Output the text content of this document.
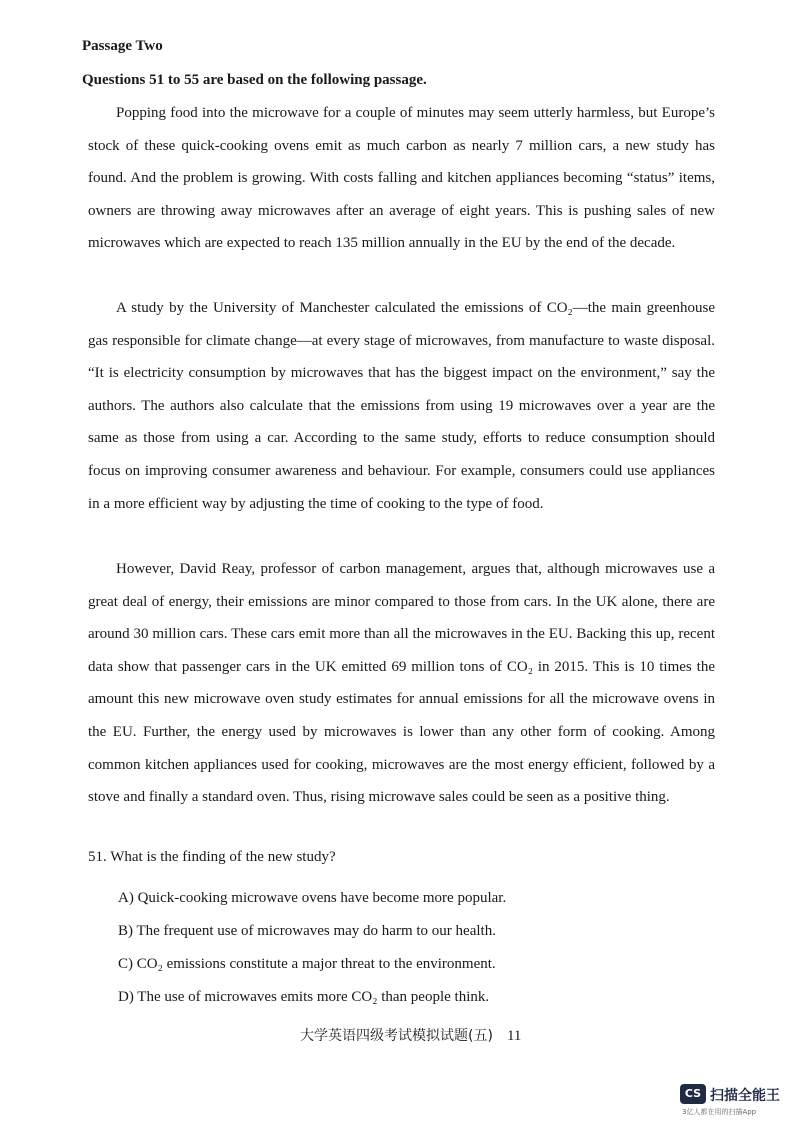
Passage Two
Questions 51 to 55 are based on the following passage.

Popping food into the microwave for a couple of minutes may seem utterly harmless, but Europe’s stock of these quick-cooking ovens emit as much carbon as nearly 7 million cars, a new study has found. And the problem is growing. With costs falling and kitchen appliances becoming “status” items, owners are throwing away microwaves after an average of eight years. This is pushing sales of new microwaves which are expected to reach 135 million annually in the EU by the end of the decade.

A study by the University of Manchester calculated the emissions of CO₂—the main greenhouse gas responsible for climate change—at every stage of microwaves, from manufacture to waste disposal. “It is electricity consumption by microwaves that has the biggest impact on the environment,” say the authors. The authors also calculate that the emissions from using 19 microwaves over a year are the same as those from using a car. According to the same study, efforts to reduce consumption should focus on improving consumer awareness and behaviour. For example, consumers could use appliances in a more efficient way by adjusting the time of cooking to the type of food.

However, David Reay, professor of carbon management, argues that, although microwaves use a great deal of energy, their emissions are minor compared to those from cars. In the UK alone, there are around 30 million cars. These cars emit more than all the microwaves in the EU. Backing this up, recent data show that passenger cars in the UK emitted 69 million tons of CO₂ in 2015. This is 10 times the amount this new microwave oven study estimates for annual emissions for all the microwave ovens in the EU. Further, the energy used by microwaves is lower than any other form of cooking. Among common kitchen appliances used for cooking, microwaves are the most energy efficient, followed by a stove and finally a standard oven. Thus, rising microwave sales could be seen as a positive thing.

51. What is the finding of the new study?
A) Quick-cooking microwave ovens have become more popular.
B) The frequent use of microwaves may do harm to our health.
C) CO₂ emissions constitute a major threat to the environment.
D) The use of microwaves emits more CO₂ than people think.
大学英语四级考试模拟试题(五) 11
CS 扫描全能王
3亿人都在用的扫描App
